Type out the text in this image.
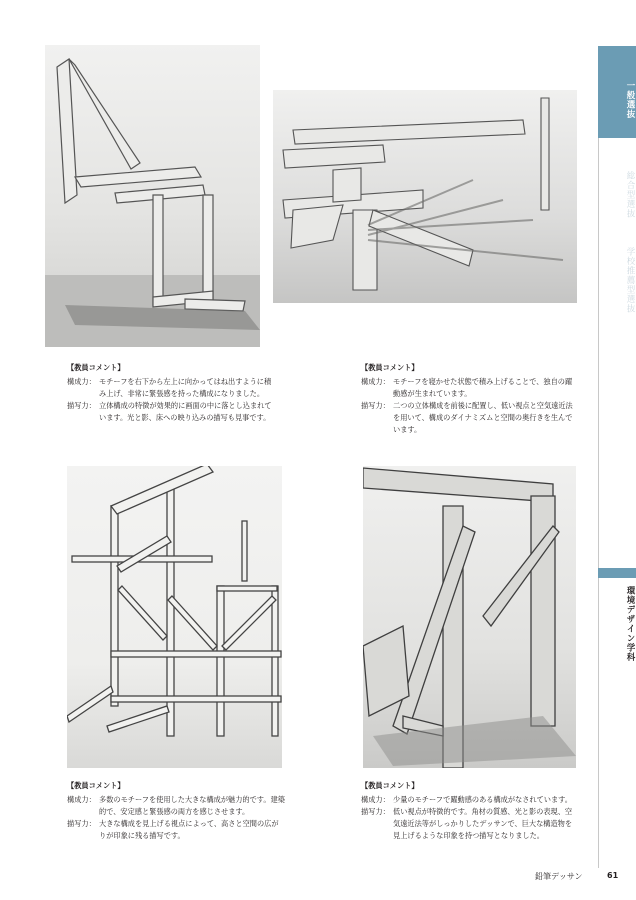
【教員コメント】
構成力： モチーフを右下から左上に向かってはね出すように積み上げ、非常に緊張感を持った構成になりました。
描写力： 立体構成の特徴が効果的に画面の中に落とし込まれています。光と影、床への映り込みの描写も見事です。
【教員コメント】
構成力： モチーフを寝かせた状態で積み上げることで、独自の躍動感が生まれています。
描写力： 二つの立体構成を前後に配置し、低い視点と空気遠近法を用いて、構成のダイナミズムと空間の奥行きを生んでいます。
【教員コメント】
構成力： 多数のモチーフを使用した大きな構成が魅力的です。建築的で、安定感と緊張感の両方を感じさせます。
描写力： 大きな構成を見上げる視点によって、高さと空間の広がりが印象に残る描写です。
【教員コメント】
構成力： 少量のモチーフで躍動感のある構成がなされています。
描写力： 低い視点が特徴的です。角材の質感、光と影の表現、空気遠近法等がしっかりしたデッサンで、巨大な構造物を見上げるような印象を持つ描写となりました。
一般選抜
総合型選抜
学校推薦型選抜
環境デザイン学科
鉛筆デッサン	61
